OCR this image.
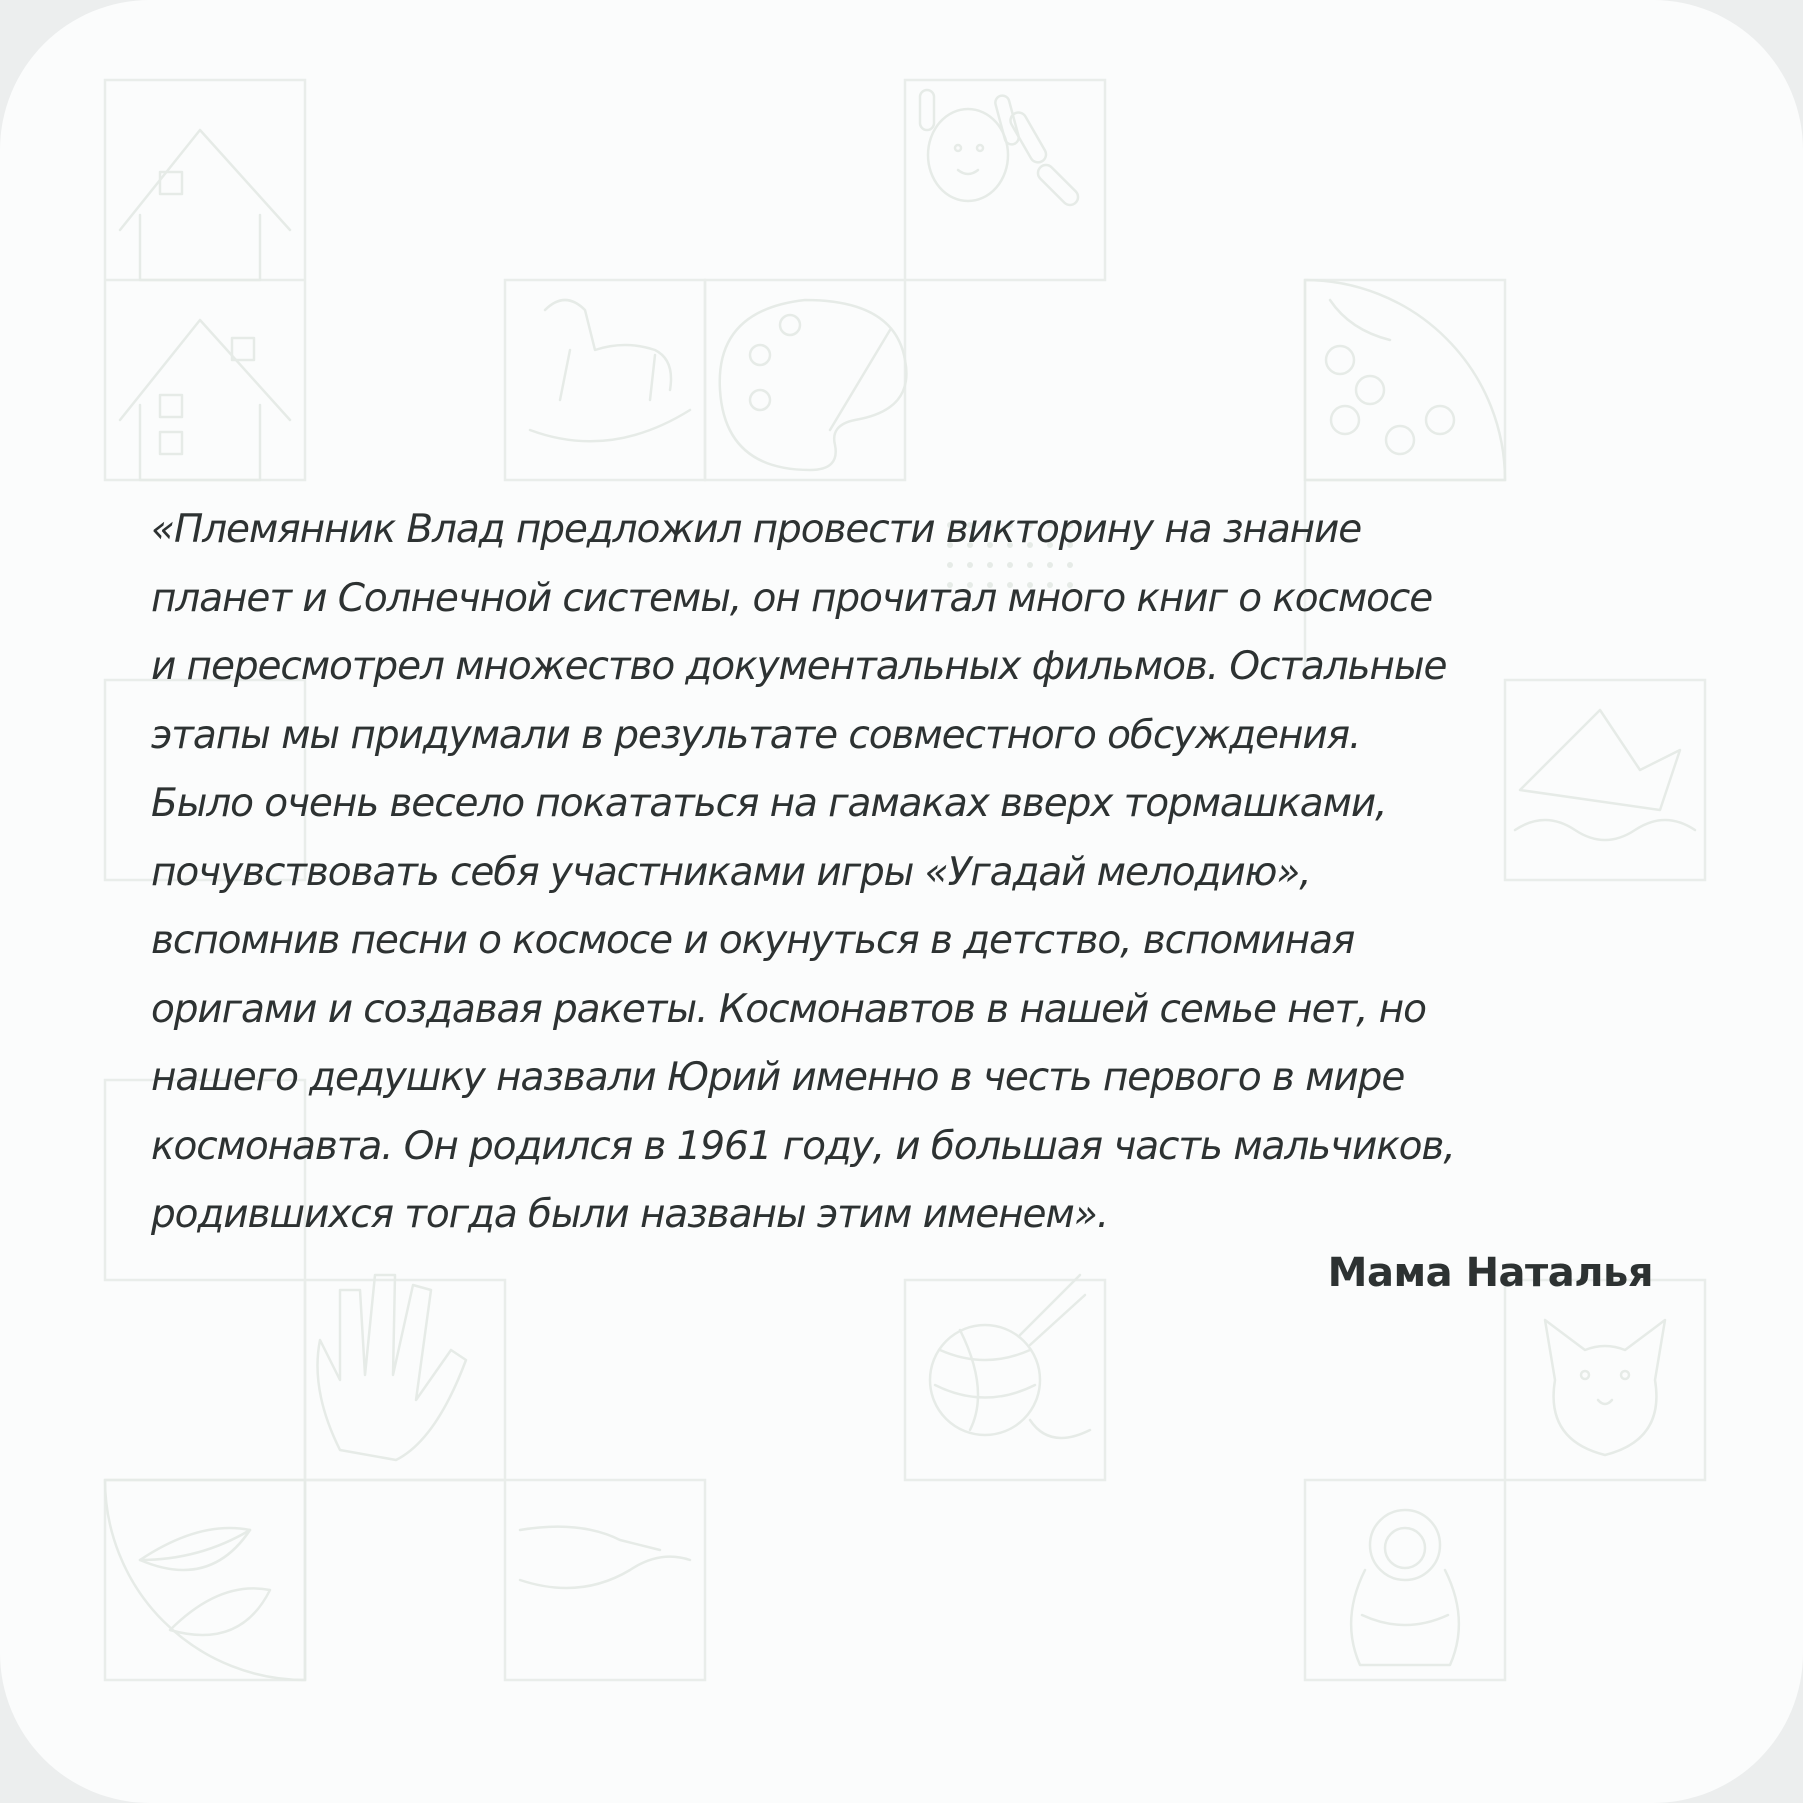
«Племянник Влад предложил провести викторину на знание
планет и Солнечной системы, он прочитал много книг о космосе
и пересмотрел множество документальных фильмов. Остальные
этапы мы придумали в результате совместного обсуждения.
Было очень весело покататься на гамаках вверх тормашками,
почувствовать себя участниками игры «Угадай мелодию»,
вспомнив песни о космосе и окунуться в детство, вспоминая
оригами и создавая ракеты. Космонавтов в нашей семье нет, но
нашего дедушку назвали Юрий именно в честь первого в мире
космонавта. Он родился в 1961 году, и большая часть мальчиков,
родившихся тогда были названы этим именем».

Мама Наталья
